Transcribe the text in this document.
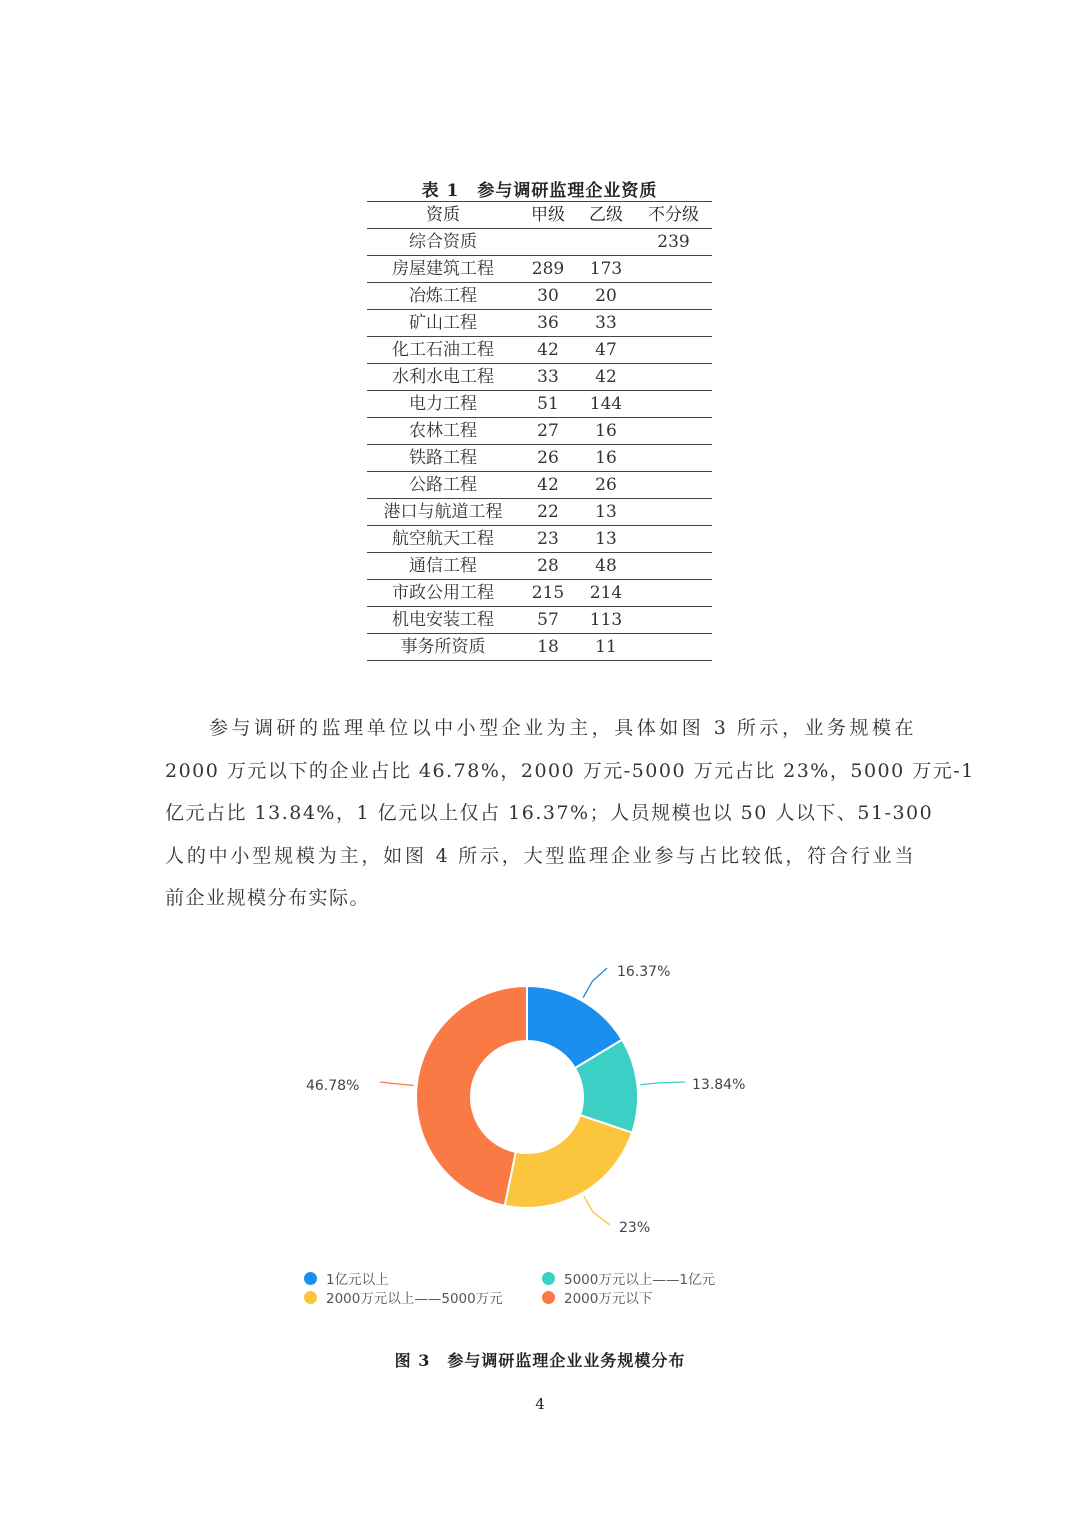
表 1　参与调研监理企业资质
资质	甲级	乙级	不分级
综合资质			239
房屋建筑工程	289	173	
冶炼工程	30	20	
矿山工程	36	33	
化工石油工程	42	47	
水利水电工程	33	42	
电力工程	51	144	
农林工程	27	16	
铁路工程	26	16	
公路工程	42	26	
港口与航道工程	22	13	
航空航天工程	23	13	
通信工程	28	48	
市政公用工程	215	214	
机电安装工程	57	113	
事务所资质	18	11	
参与调研的监理单位以中小型企业为主，具体如图 3 所示，业务规模在
2000 万元以下的企业占比 46.78%，2000 万元-5000 万元占比 23%，5000 万元-1
亿元占比 13.84%，1 亿元以上仅占 16.37%；人员规模也以 50 人以下、51-300
人的中小型规模为主，如图 4 所示，大型监理企业参与占比较低，符合行业当
前企业规模分布实际。
16.37%
13.84%
23%
46.78%
1亿元以上	5000万元以上——1亿元
2000万元以上——5000万元	2000万元以下
图 3　参与调研监理企业业务规模分布
4
